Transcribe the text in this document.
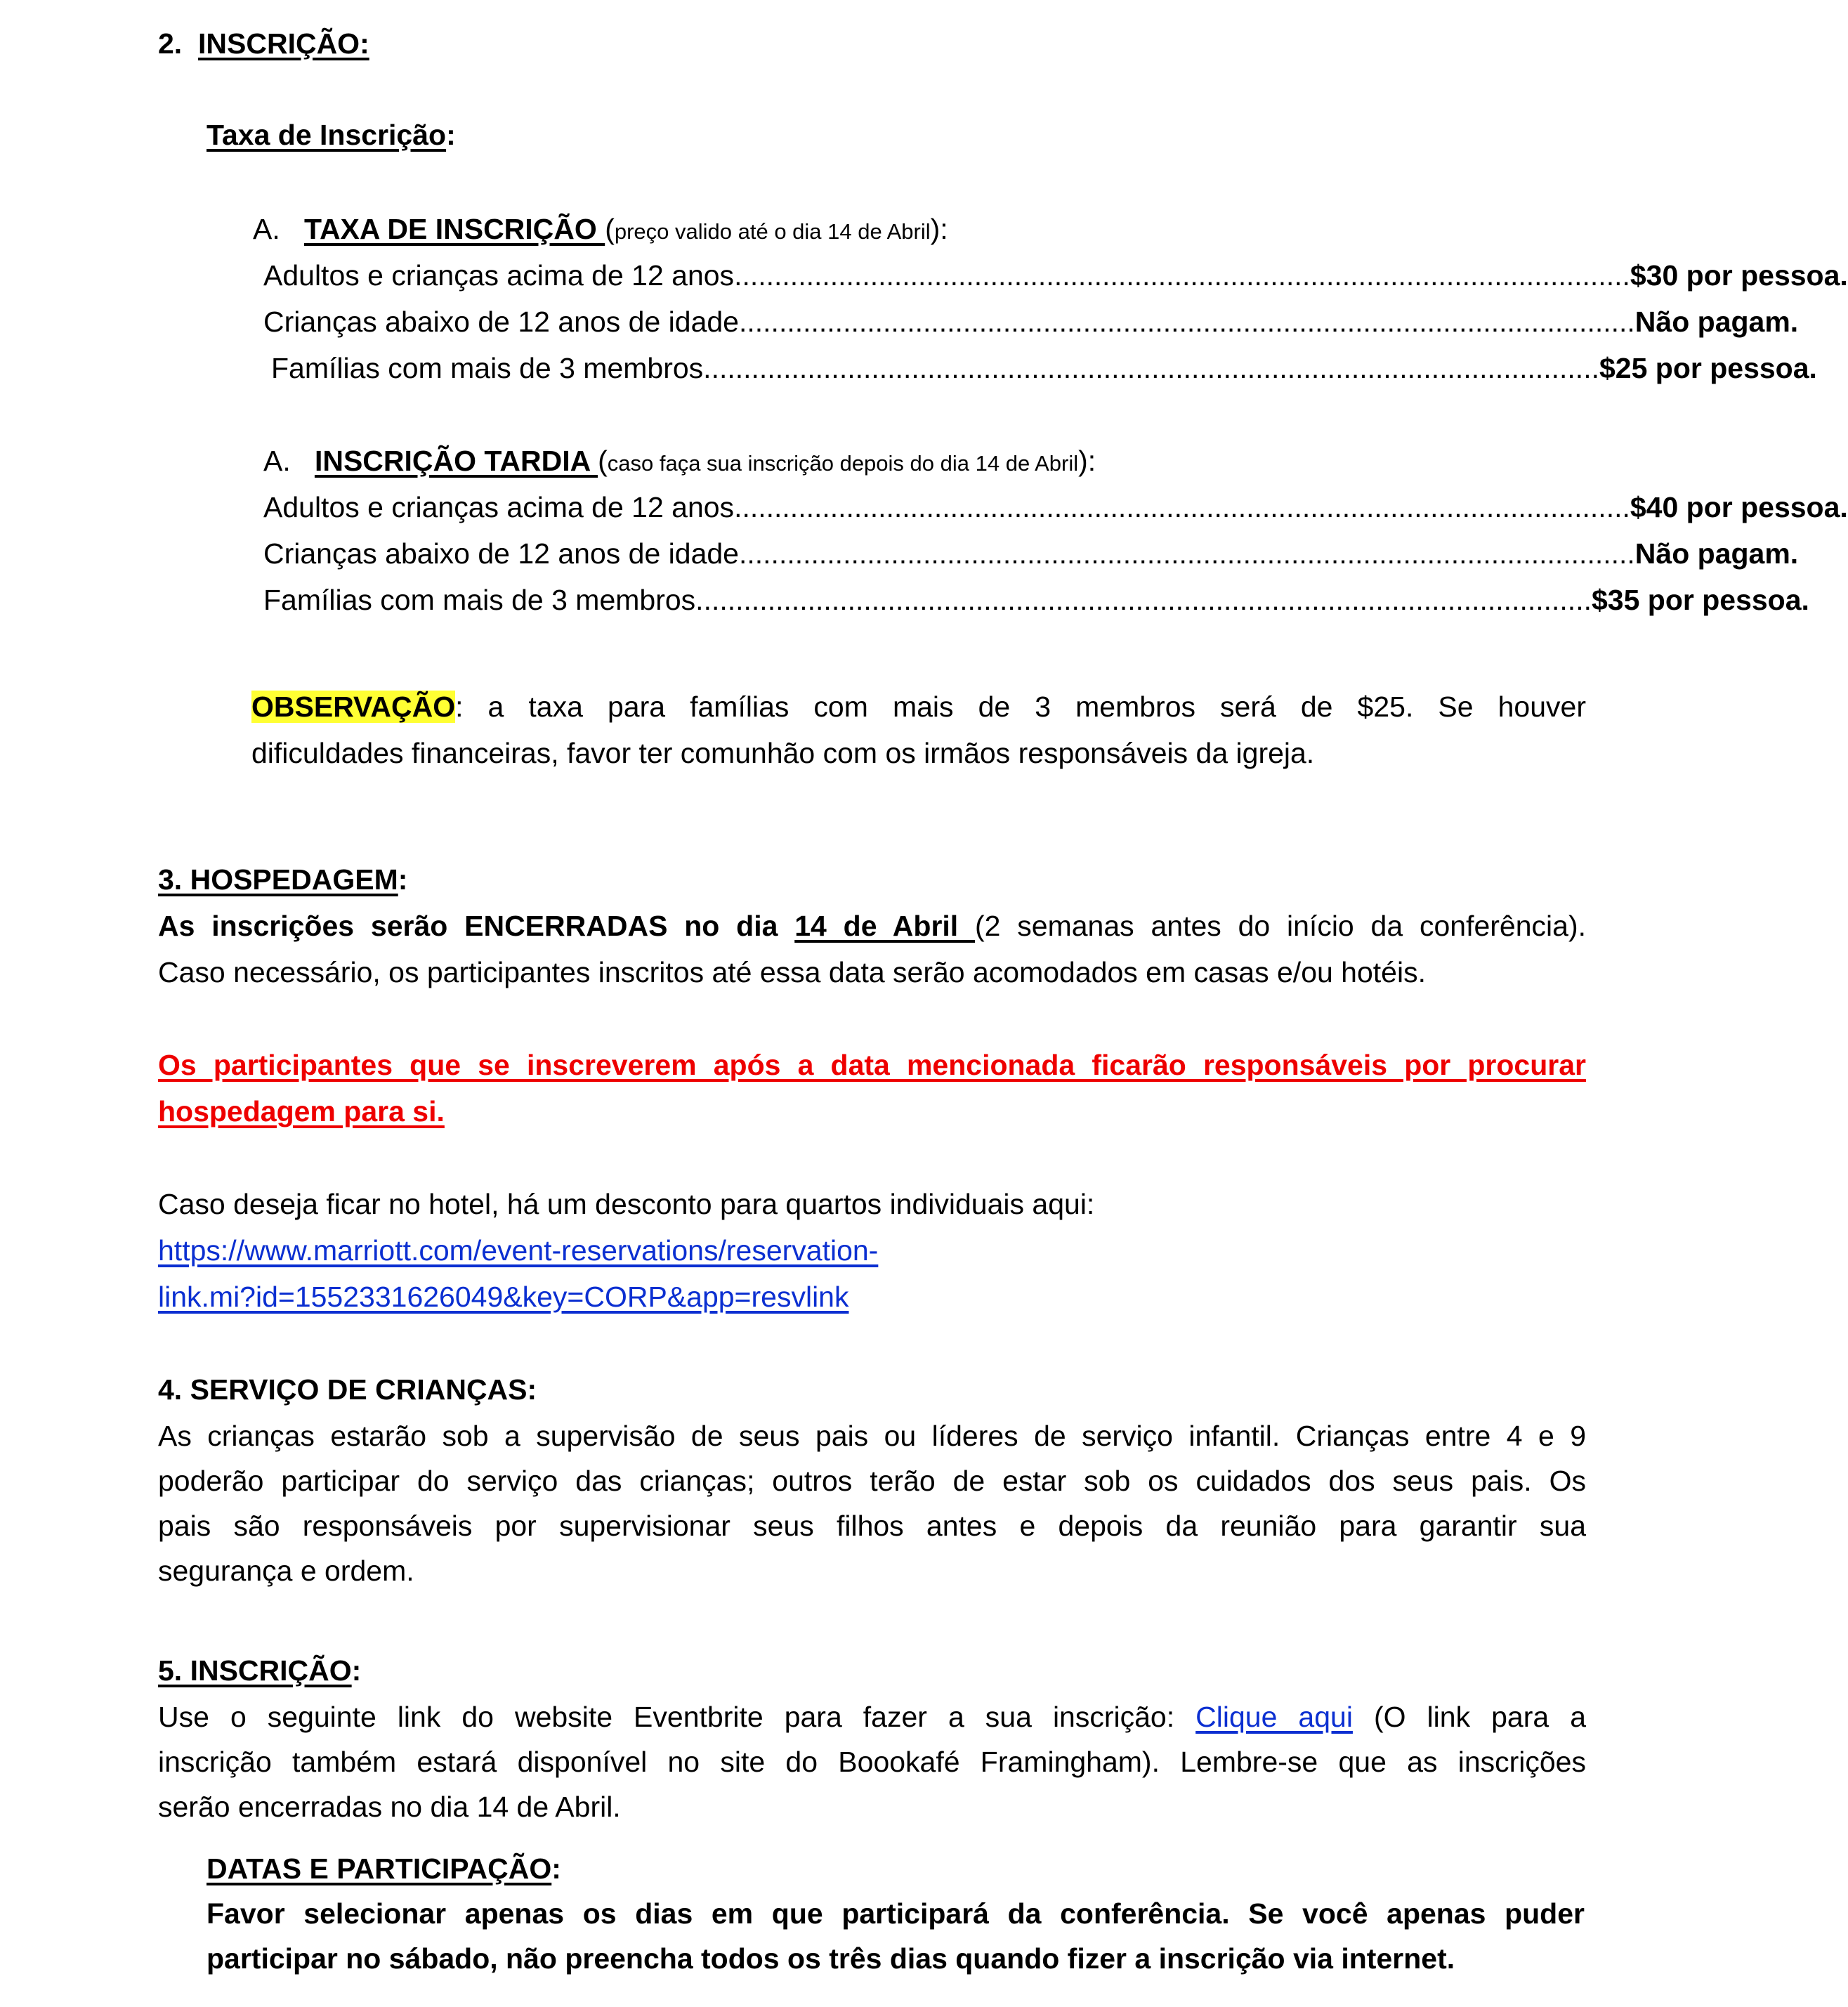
2. INSCRIÇÃO:
Taxa de Inscrição:
A. TAXA DE INSCRIÇÃO (preço valido até o dia 14 de Abril):
Adultos e crianças acima de 12 anos ................................................................................................................ $30 por pessoa.
Crianças abaixo de 12 anos de idade ................................................................................................................ Não pagam.
Famílias com mais de 3 membros ................................................................................................................ $25 por pessoa.
A. INSCRIÇÃO TARDIA (caso faça sua inscrição depois do dia 14 de Abril):
Adultos e crianças acima de 12 anos ................................................................................................................ $40 por pessoa.
Crianças abaixo de 12 anos de idade ................................................................................................................ Não pagam.
Famílias com mais de 3 membros ................................................................................................................ $35 por pessoa.
OBSERVAÇÃO: a taxa para famílias com mais de 3 membros será de $25. Se houver
dificuldades financeiras, favor ter comunhão com os irmãos responsáveis da igreja.
3. HOSPEDAGEM:
As inscrições serão ENCERRADAS no dia 14 de Abril (2 semanas antes do início da conferência).
Caso necessário, os participantes inscritos até essa data serão acomodados em casas e/ou hotéis.
Os participantes que se inscreverem após a data mencionada ficarão responsáveis por procurar
hospedagem para si.
Caso deseja ficar no hotel, há um desconto para quartos individuais aqui:
https://www.marriott.com/event-reservations/reservation-
link.mi?id=1552331626049&key=CORP&app=resvlink
4. SERVIÇO DE CRIANÇAS:
As crianças estarão sob a supervisão de seus pais ou líderes de serviço infantil. Crianças entre 4 e 9
poderão participar do serviço das crianças; outros terão de estar sob os cuidados dos seus pais. Os
pais são responsáveis por supervisionar seus filhos antes e depois da reunião para garantir sua
segurança e ordem.
5. INSCRIÇÃO:
Use o seguinte link do website Eventbrite para fazer a sua inscrição: Clique aqui (O link para a
inscrição também estará disponível no site do Boookafé Framingham). Lembre-se que as inscrições
serão encerradas no dia 14 de Abril.
DATAS E PARTICIPAÇÃO:
Favor selecionar apenas os dias em que participará da conferência. Se você apenas puder
participar no sábado, não preencha todos os três dias quando fizer a inscrição via internet.
